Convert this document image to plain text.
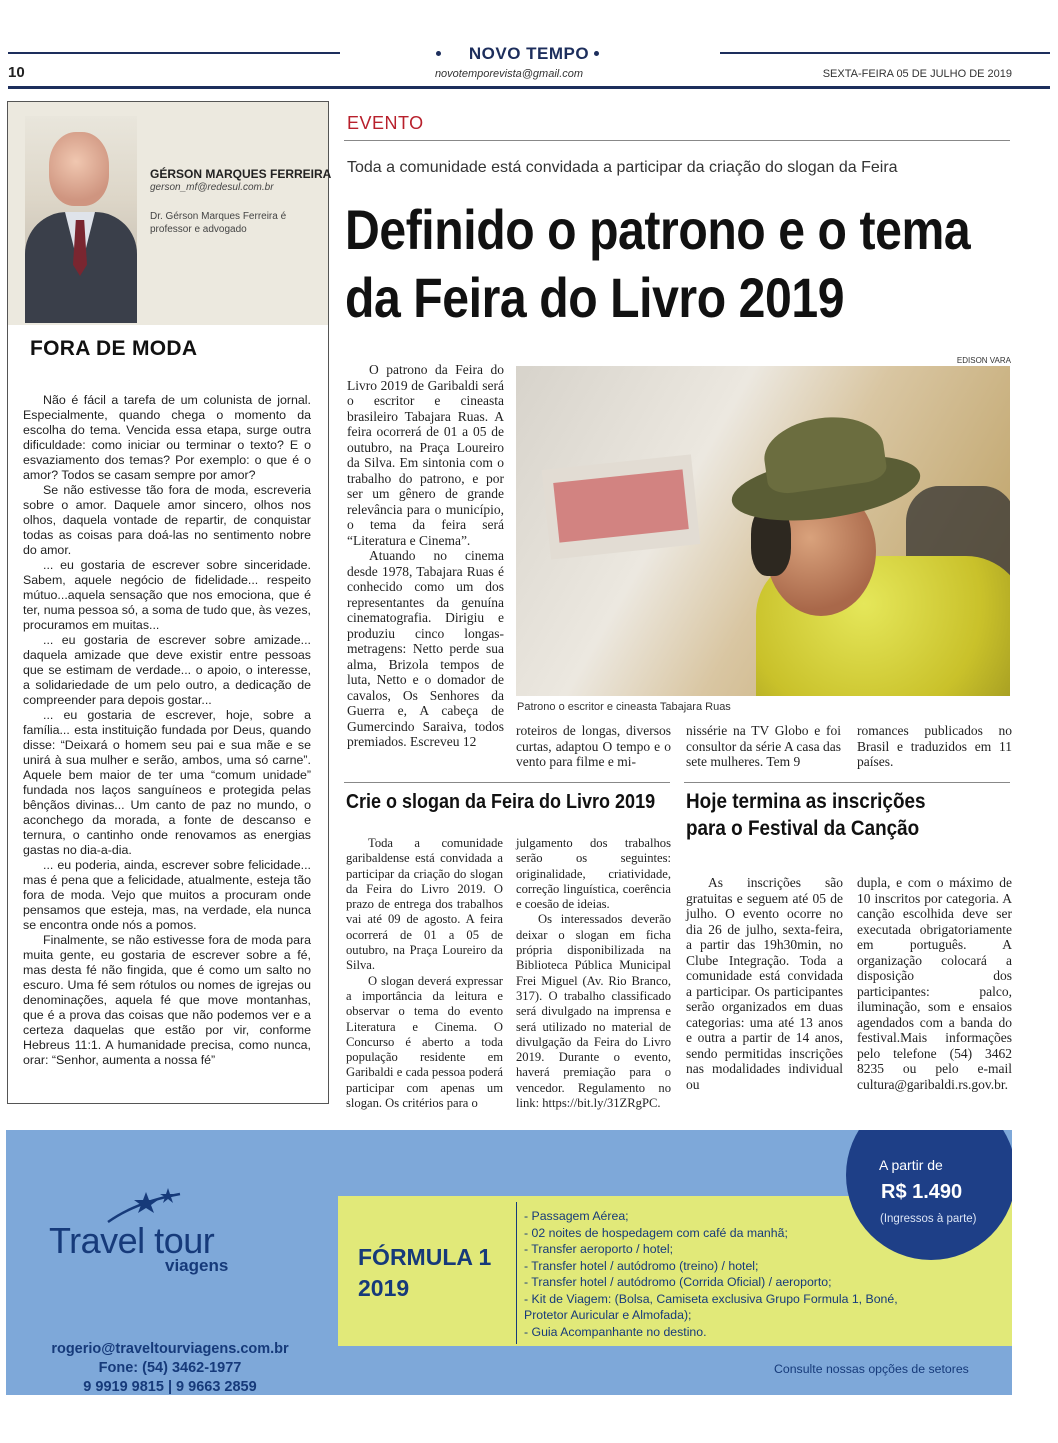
NOVO TEMPO
novotemporevista@gmail.com
10	SEXTA-FEIRA 05 DE JULHO DE 2019
GÉRSON MARQUES FERREIRA
gerson_mf@redesul.com.br
Dr. Gérson Marques Ferreira é professor e advogado
FORA DE MODA

Não é fácil a tarefa de um colunista de jornal. Especialmente, quando chega o momento da escolha do tema. Vencida essa etapa, surge outra dificuldade: como iniciar ou terminar o texto? E o esvaziamento dos temas? Por exemplo: o que é o amor? Todos se casam sempre por amor?

Se não estivesse tão fora de moda, escreveria sobre o amor. Daquele amor sincero, olhos nos olhos, daquela vontade de repartir, de conquistar todas as coisas para doá-las no sentimento nobre do amor.

... eu gostaria de escrever sobre sinceridade. Sabem, aquele negócio de fidelidade... respeito mútuo...aquela sensação que nos emociona, que é ter, numa pessoa só, a soma de tudo que, às vezes, procuramos em muitas...

... eu gostaria de escrever sobre amizade... daquela amizade que deve existir entre pessoas que se estimam de verdade... o apoio, o interesse, a solidariedade de um pelo outro, a dedicação de compreender para depois gostar...

... eu gostaria de escrever, hoje, sobre a família... esta instituição fundada por Deus, quando disse: “Deixará o homem seu pai e sua mãe e se unirá à sua mulher e serão, ambos, uma só carne”. Aquele bem maior de ter uma “comum unidade” fundada nos laços sanguíneos e protegida pelas bênçãos divinas... Um canto de paz no mundo, o aconchego da morada, a fonte de descanso e ternura, o cantinho onde renovamos as energias gastas no dia-a-dia.

... eu poderia, ainda, escrever sobre felicidade... mas é pena que a felicidade, atualmente, esteja tão fora de moda. Vejo que muitos a procuram onde pensamos que esteja, mas, na verdade, ela nunca se encontra onde nós a pomos.

Finalmente, se não estivesse fora de moda para muita gente, eu gostaria de escrever sobre a fé, mas desta fé não fingida, que é como um salto no escuro. Uma fé sem rótulos ou nomes de igrejas ou denominações, aquela fé que move montanhas, que é a prova das coisas que não podemos ver e a certeza daquelas que estão por vir, conforme Hebreus 11:1. A humanidade precisa, como nunca, orar: “Senhor, aumenta a nossa fé”

EVENTO
Toda a comunidade está convidada a participar da criação do slogan da Feira
Definido o patrono e o tema
da Feira do Livro 2019
EDISON VARA

O patrono da Feira do Livro 2019 de Garibaldi será o escritor e cineasta brasileiro Tabajara Ruas. A feira ocorrerá de 01 a 05 de outubro, na Praça Loureiro da Silva. Em sintonia com o trabalho do patrono, e por ser um gênero de grande relevância para o município, o tema da feira será “Literatura e Cinema”.

Atuando no cinema desde 1978, Tabajara Ruas é conhecido como um dos representantes da genuína cinematografia. Dirigiu e produziu cinco longas-metragens: Netto perde sua alma, Brizola tempos de luta, Netto e o domador de cavalos, Os Senhores da Guerra e, A cabeça de Gumercindo Saraiva, todos premiados. Escreveu 12

Patrono o escritor e cineasta Tabajara Ruas

roteiros de longas, diversos curtas, adaptou O tempo e o vento para filme e mi-

nissérie na TV Globo e foi consultor da série A casa das sete mulheres. Tem 9

romances publicados no Brasil e traduzidos em 11 países.

Crie o slogan da Feira do Livro 2019

Toda a comunidade garibaldense está convidada a participar da criação do slogan da Feira do Livro 2019. O prazo de entrega dos trabalhos vai até 09 de agosto. A feira ocorrerá de 01 a 05 de outubro, na Praça Loureiro da Silva.

O slogan deverá expressar a importância da leitura e observar o tema do evento Literatura e Cinema. O Concurso é aberto a toda população residente em Garibaldi e cada pessoa poderá participar com apenas um slogan. Os critérios para o

julgamento dos trabalhos serão os seguintes: originalidade, criatividade, correção linguística, coerência e coesão de ideias.

Os interessados deverão deixar o slogan em ficha própria disponibilizada na Biblioteca Pública Municipal Frei Miguel (Av. Rio Branco, 317). O trabalho classificado será divulgado na imprensa e será utilizado no material de divulgação da Feira do Livro 2019. Durante o evento, haverá premiação para o vencedor. Regulamento no link: https://bit.ly/31ZRgPC.

Hoje termina as inscrições
para o Festival da Canção

As inscrições são gratuitas e seguem até 05 de julho. O evento ocorre no dia 26 de julho, sexta-feira, a partir das 19h30min, no Clube Integração. Toda a comunidade está convidada a participar. Os participantes serão organizados em duas categorias: uma até 13 anos e outra a partir de 14 anos, sendo permitidas inscrições nas modalidades individual ou

dupla, e com o máximo de 10 inscritos por categoria. A canção escolhida deve ser executada obrigatoriamente em português. A organização colocará a disposição dos participantes: palco, iluminação, som e ensaios agendados com a banda do festival.Mais informações pelo telefone (54) 3462 8235 ou pelo e-mail cultura@garibaldi.rs.gov.br.

A partir de
R$ 1.490
(Ingressos à parte)
Travel tour
viagens
rogerio@traveltourviagens.com.br
Fone: (54) 3462-1977
9 9919 9815 | 9 9663 2859
FÓRMULA 1
2019
- Passagem Aérea;
- 02 noites de hospedagem com café da manhã;
- Transfer aeroporto / hotel;
- Transfer hotel / autódromo (treino) / hotel;
- Transfer hotel / autódromo (Corrida Oficial) / aeroporto;
- Kit de Viagem: (Bolsa, Camiseta exclusiva Grupo Formula 1, Boné,
Protetor Auricular e Almofada);
- Guia Acompanhante no destino.
Consulte nossas opções de setores
